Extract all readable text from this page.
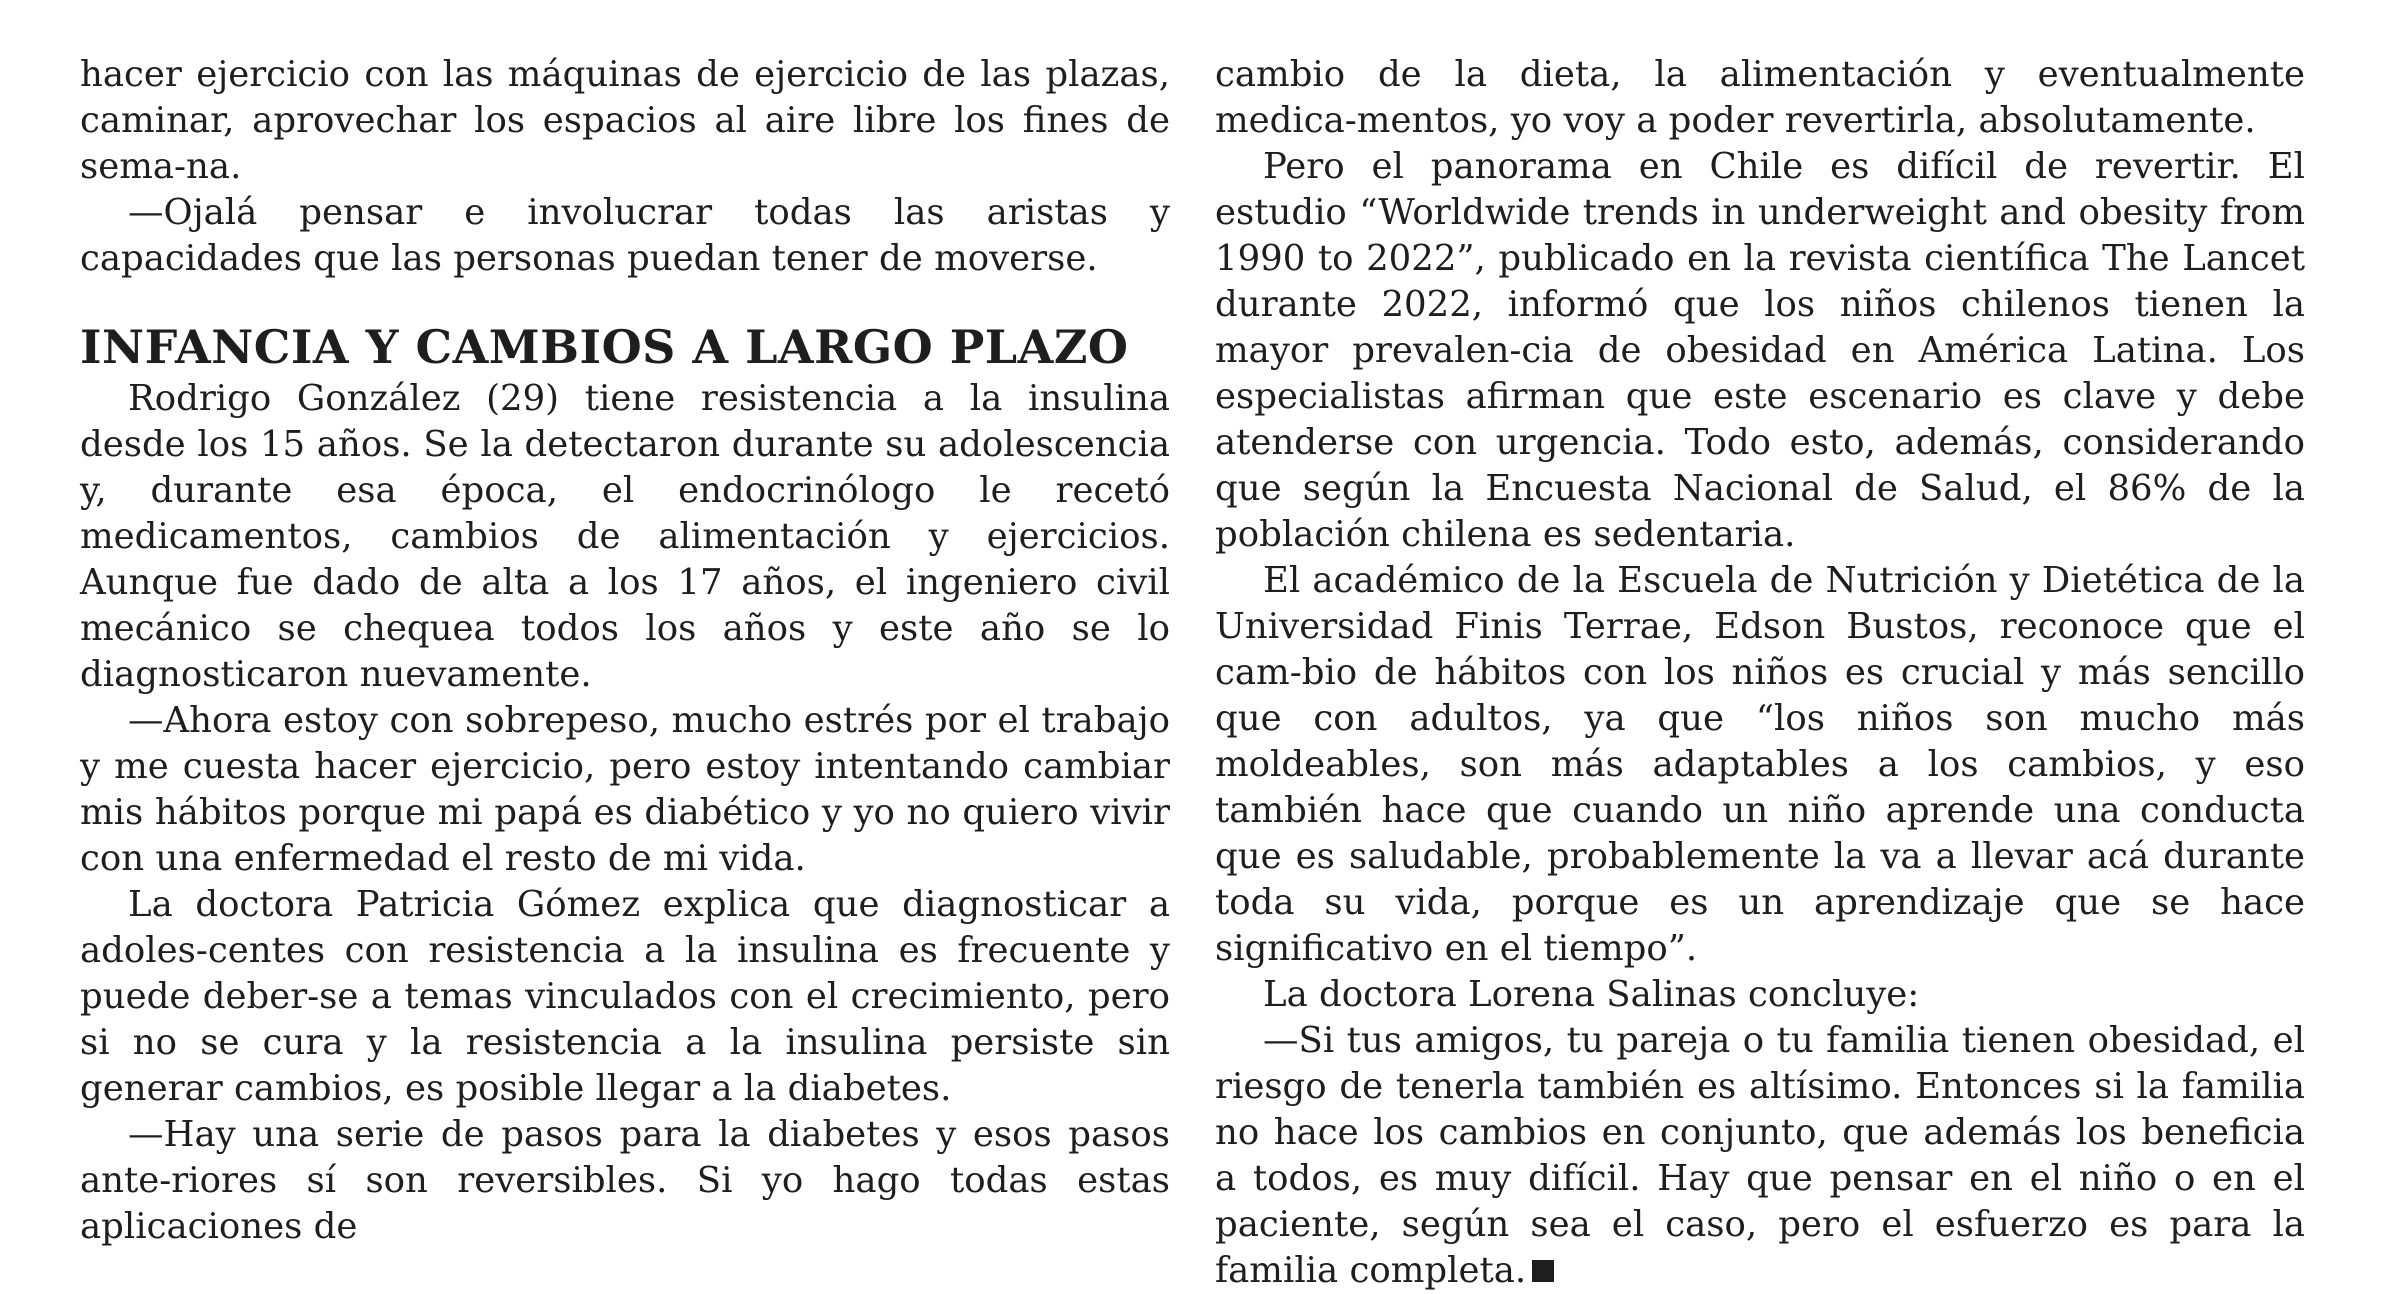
hacer ejercicio con las máquinas de ejercicio de las plazas, caminar, aprovechar los espacios al aire libre los fines de sema-na.

—Ojalá pensar e involucrar todas las aristas y capacidades que las personas puedan tener de moverse.

INFANCIA Y CAMBIOS A LARGO PLAZO

Rodrigo González (29) tiene resistencia a la insulina desde los 15 años. Se la detectaron durante su adolescencia y, durante esa época, el endocrinólogo le recetó medicamentos, cambios de alimentación y ejercicios. Aunque fue dado de alta a los 17 años, el ingeniero civil mecánico se chequea todos los años y este año se lo diagnosticaron nuevamente.

—Ahora estoy con sobrepeso, mucho estrés por el trabajo y me cuesta hacer ejercicio, pero estoy intentando cambiar mis hábitos porque mi papá es diabético y yo no quiero vivir con una enfermedad el resto de mi vida.

La doctora Patricia Gómez explica que diagnosticar a adoles-centes con resistencia a la insulina es frecuente y puede deber-se a temas vinculados con el crecimiento, pero si no se cura y la resistencia a la insulina persiste sin generar cambios, es posible llegar a la diabetes.

—Hay una serie de pasos para la diabetes y esos pasos ante-riores sí son reversibles. Si yo hago todas estas aplicaciones de

cambio de la dieta, la alimentación y eventualmente medica-mentos, yo voy a poder revertirla, absolutamente.

Pero el panorama en Chile es difícil de revertir. El estudio “Worldwide trends in underweight and obesity from 1990 to 2022”, publicado en la revista científica The Lancet durante 2022, informó que los niños chilenos tienen la mayor prevalen-cia de obesidad en América Latina. Los especialistas afirman que este escenario es clave y debe atenderse con urgencia. Todo esto, además, considerando que según la Encuesta Nacional de Salud, el 86% de la población chilena es sedentaria.

El académico de la Escuela de Nutrición y Dietética de la Universidad Finis Terrae, Edson Bustos, reconoce que el cam-bio de hábitos con los niños es crucial y más sencillo que con adultos, ya que “los niños son mucho más moldeables, son más adaptables a los cambios, y eso también hace que cuando un niño aprende una conducta que es saludable, probablemente la va a llevar acá durante toda su vida, porque es un aprendizaje que se hace significativo en el tiempo”.

La doctora Lorena Salinas concluye:

—Si tus amigos, tu pareja o tu familia tienen obesidad, el riesgo de tenerla también es altísimo. Entonces si la familia no hace los cambios en conjunto, que además los beneficia a todos, es muy difícil. Hay que pensar en el niño o en el paciente, según sea el caso, pero el esfuerzo es para la familia completa.
